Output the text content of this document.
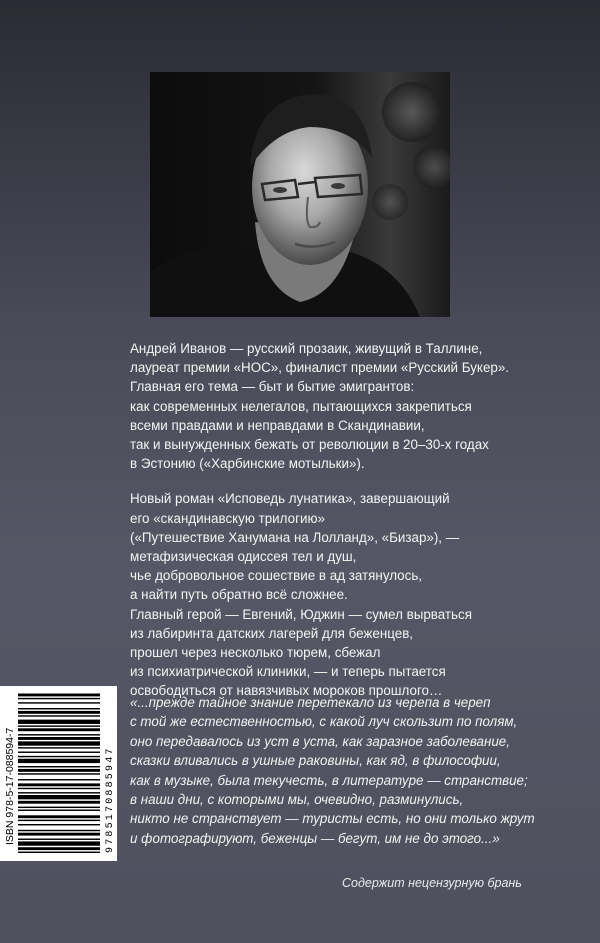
Андрей Иванов — русский прозаик, живущий в Таллине,
лауреат премии «НОС», финалист премии «Русский Букер».
Главная его тема — быт и бытие эмигрантов:
как современных нелегалов, пытающихся закрепиться
всеми правдами и неправдами в Скандинавии,
так и вынужденных бежать от революции в 20–30-х годах
в Эстонию («Харбинские мотыльки»).
Новый роман «Исповедь лунатика», завершающий
его «скандинавскую трилогию»
(«Путешествие Ханумана на Лолланд», «Бизар»), —
метафизическая одиссея тел и душ,
чье добровольное сошествие в ад затянулось,
а найти путь обратно всё сложнее.
Главный герой — Евгений, Юджин — сумел вырваться
из лабиринта датских лагерей для беженцев,
прошел через несколько тюрем, сбежал
из психиатрической клиники, — и теперь пытается
освободиться от навязчивых мороков прошлого…
ISBN 978-5-17-088594-7	9785170885947
«...прежде тайное знание перетекало из черепа в череп
с той же естественностью, с какой луч скользит по полям,
оно передавалось из уст в уста, как заразное заболевание,
сказки вливались в ушные раковины, как яд, в философии,
как в музыке, была текучесть, в литературе — странствие;
в наши дни, с которыми мы, очевидно, разминулись,
никто не странствует — туристы есть, но они только жрут
и фотографируют, беженцы — бегут, им не до этого...»
Содержит нецензурную брань
